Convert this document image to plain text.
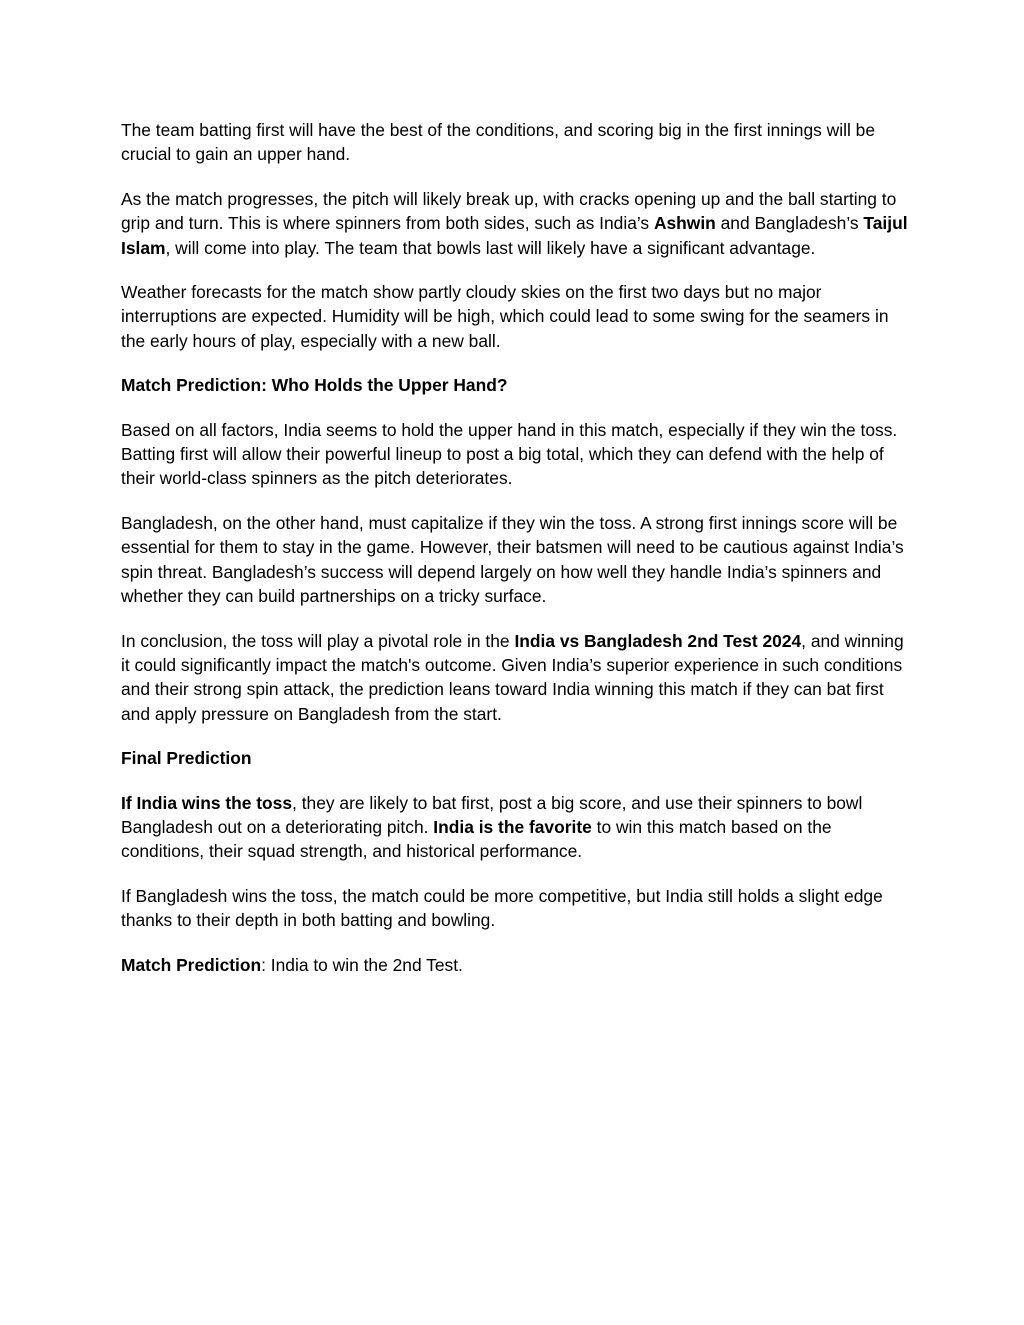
The team batting first will have the best of the conditions, and scoring big in the first innings will be crucial to gain an upper hand.

As the match progresses, the pitch will likely break up, with cracks opening up and the ball starting to grip and turn. This is where spinners from both sides, such as India’s Ashwin and Bangladesh’s Taijul Islam, will come into play. The team that bowls last will likely have a significant advantage.

Weather forecasts for the match show partly cloudy skies on the first two days but no major interruptions are expected. Humidity will be high, which could lead to some swing for the seamers in the early hours of play, especially with a new ball.

Match Prediction: Who Holds the Upper Hand?

Based on all factors, India seems to hold the upper hand in this match, especially if they win the toss. Batting first will allow their powerful lineup to post a big total, which they can defend with the help of their world-class spinners as the pitch deteriorates.

Bangladesh, on the other hand, must capitalize if they win the toss. A strong first innings score will be essential for them to stay in the game. However, their batsmen will need to be cautious against India’s spin threat. Bangladesh’s success will depend largely on how well they handle India’s spinners and whether they can build partnerships on a tricky surface.

In conclusion, the toss will play a pivotal role in the India vs Bangladesh 2nd Test 2024, and winning it could significantly impact the match's outcome. Given India’s superior experience in such conditions and their strong spin attack, the prediction leans toward India winning this match if they can bat first and apply pressure on Bangladesh from the start.

Final Prediction

If India wins the toss, they are likely to bat first, post a big score, and use their spinners to bowl Bangladesh out on a deteriorating pitch. India is the favorite to win this match based on the conditions, their squad strength, and historical performance.

If Bangladesh wins the toss, the match could be more competitive, but India still holds a slight edge thanks to their depth in both batting and bowling.

Match Prediction: India to win the 2nd Test.
